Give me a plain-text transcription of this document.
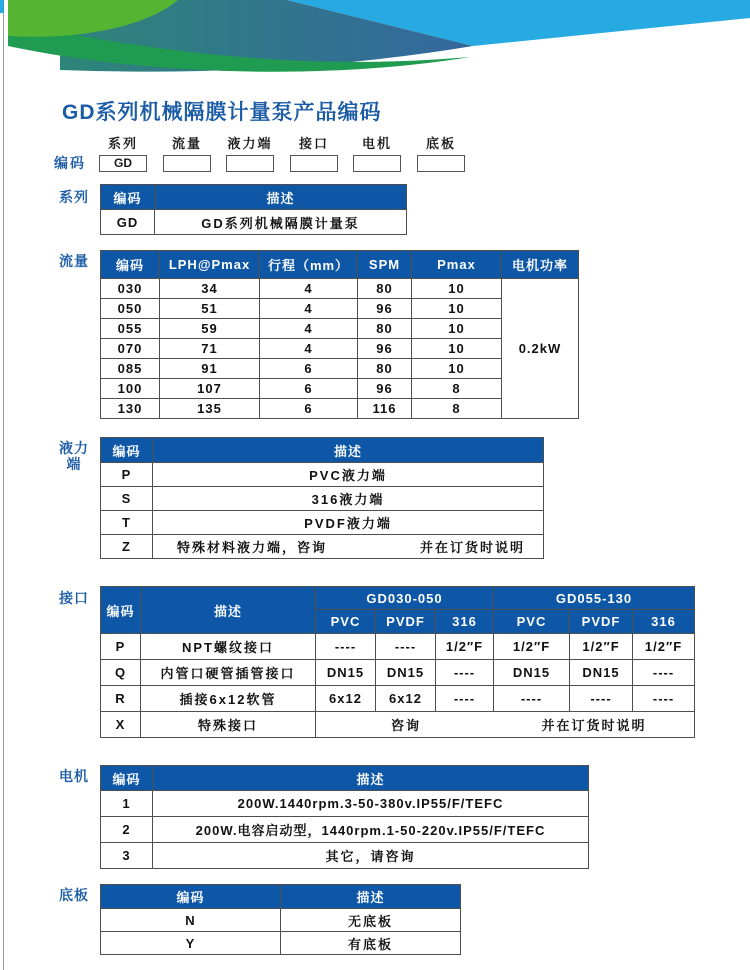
GD系列机械隔膜计量泵产品编码
编码
系列
GD
流量	液力端	接口	电机	底板
系列	编码	描述
GD	GD系列机械隔膜计量泵
流量	编码	LPH@Pmax	行程（mm）	SPM	Pmax	电机功率
030	34	4	80	10	0.2kW
050	51	4	96	10	
055	59	4	80	10	
070	71	4	96	10	
085	91	6	80	10	
100	107	6	96	8	
130	135	6	116	8	
液力
端
编码	描述
P	PVC液力端
S	316液力端
T	PVDF液力端
Z	特殊材料液力端，咨询 并在订货时说明
接口
编码	描述	GD030-050			GD055-130		
		PVC	PVDF	316	PVC	PVDF	316
P	NPT螺纹接口	----	----	1/2″F	1/2″F	1/2″F	1/2″F
Q	内管口硬管插管接口	DN15	DN15	----	DN15	DN15	----
R	插接6x12软管	6x12	6x12	----	----	----	----
X	特殊接口	咨询 并在订货时说明					
电机	编码	描述
1	200W.1440rpm.3-50-380v.IP55/F/TEFC
2	200W.电容启动型，1440rpm.1-50-220v.IP55/F/TEFC
3	其它，请咨询
底板	编码	描述
N	无底板
Y	有底板
